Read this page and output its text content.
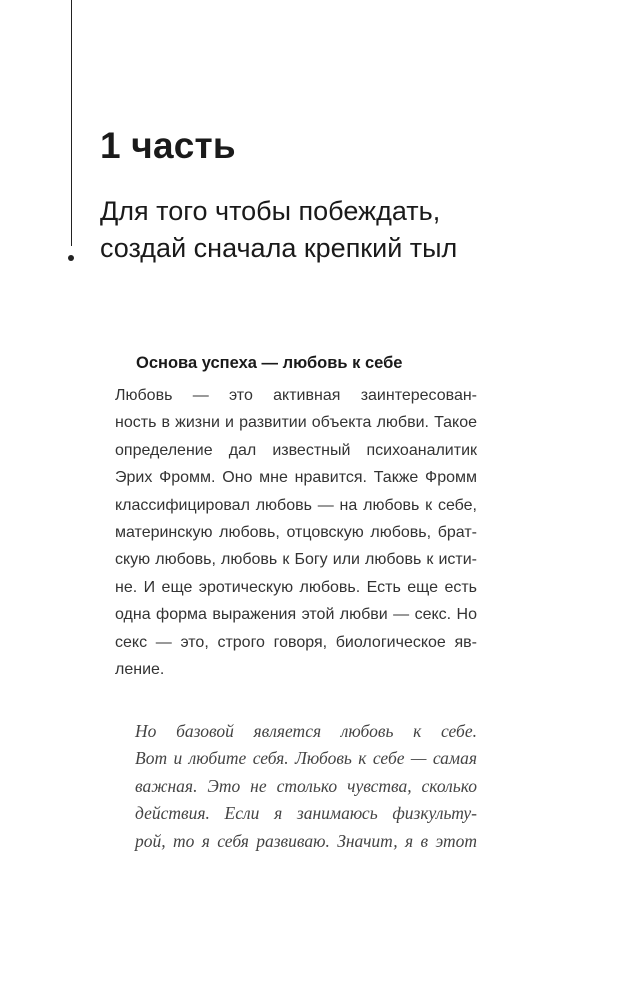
1 часть
Для того чтобы побеждать,
создай сначала крепкий тыл
Основа успеха — любовь к себе

Любовь — это активная заинтересован-
ность в жизни и развитии объекта любви. Такое
определение дал известный психоаналитик
Эрих Фромм. Оно мне нравится. Также Фромм
классифицировал любовь — на любовь к себе,
материнскую любовь, отцовскую любовь, брат-
скую любовь, любовь к Богу или любовь к исти-
не. И еще эротическую любовь. Есть еще есть
одна форма выражения этой любви — секс. Но
секс — это, строго говоря, биологическое яв-
ление.

Но базовой является любовь к себе.
Вот и любите себя. Любовь к себе — самая
важная. Это не столько чувства, сколько
действия. Если я занимаюсь физкульту-
рой, то я себя развиваю. Значит, я в этот
